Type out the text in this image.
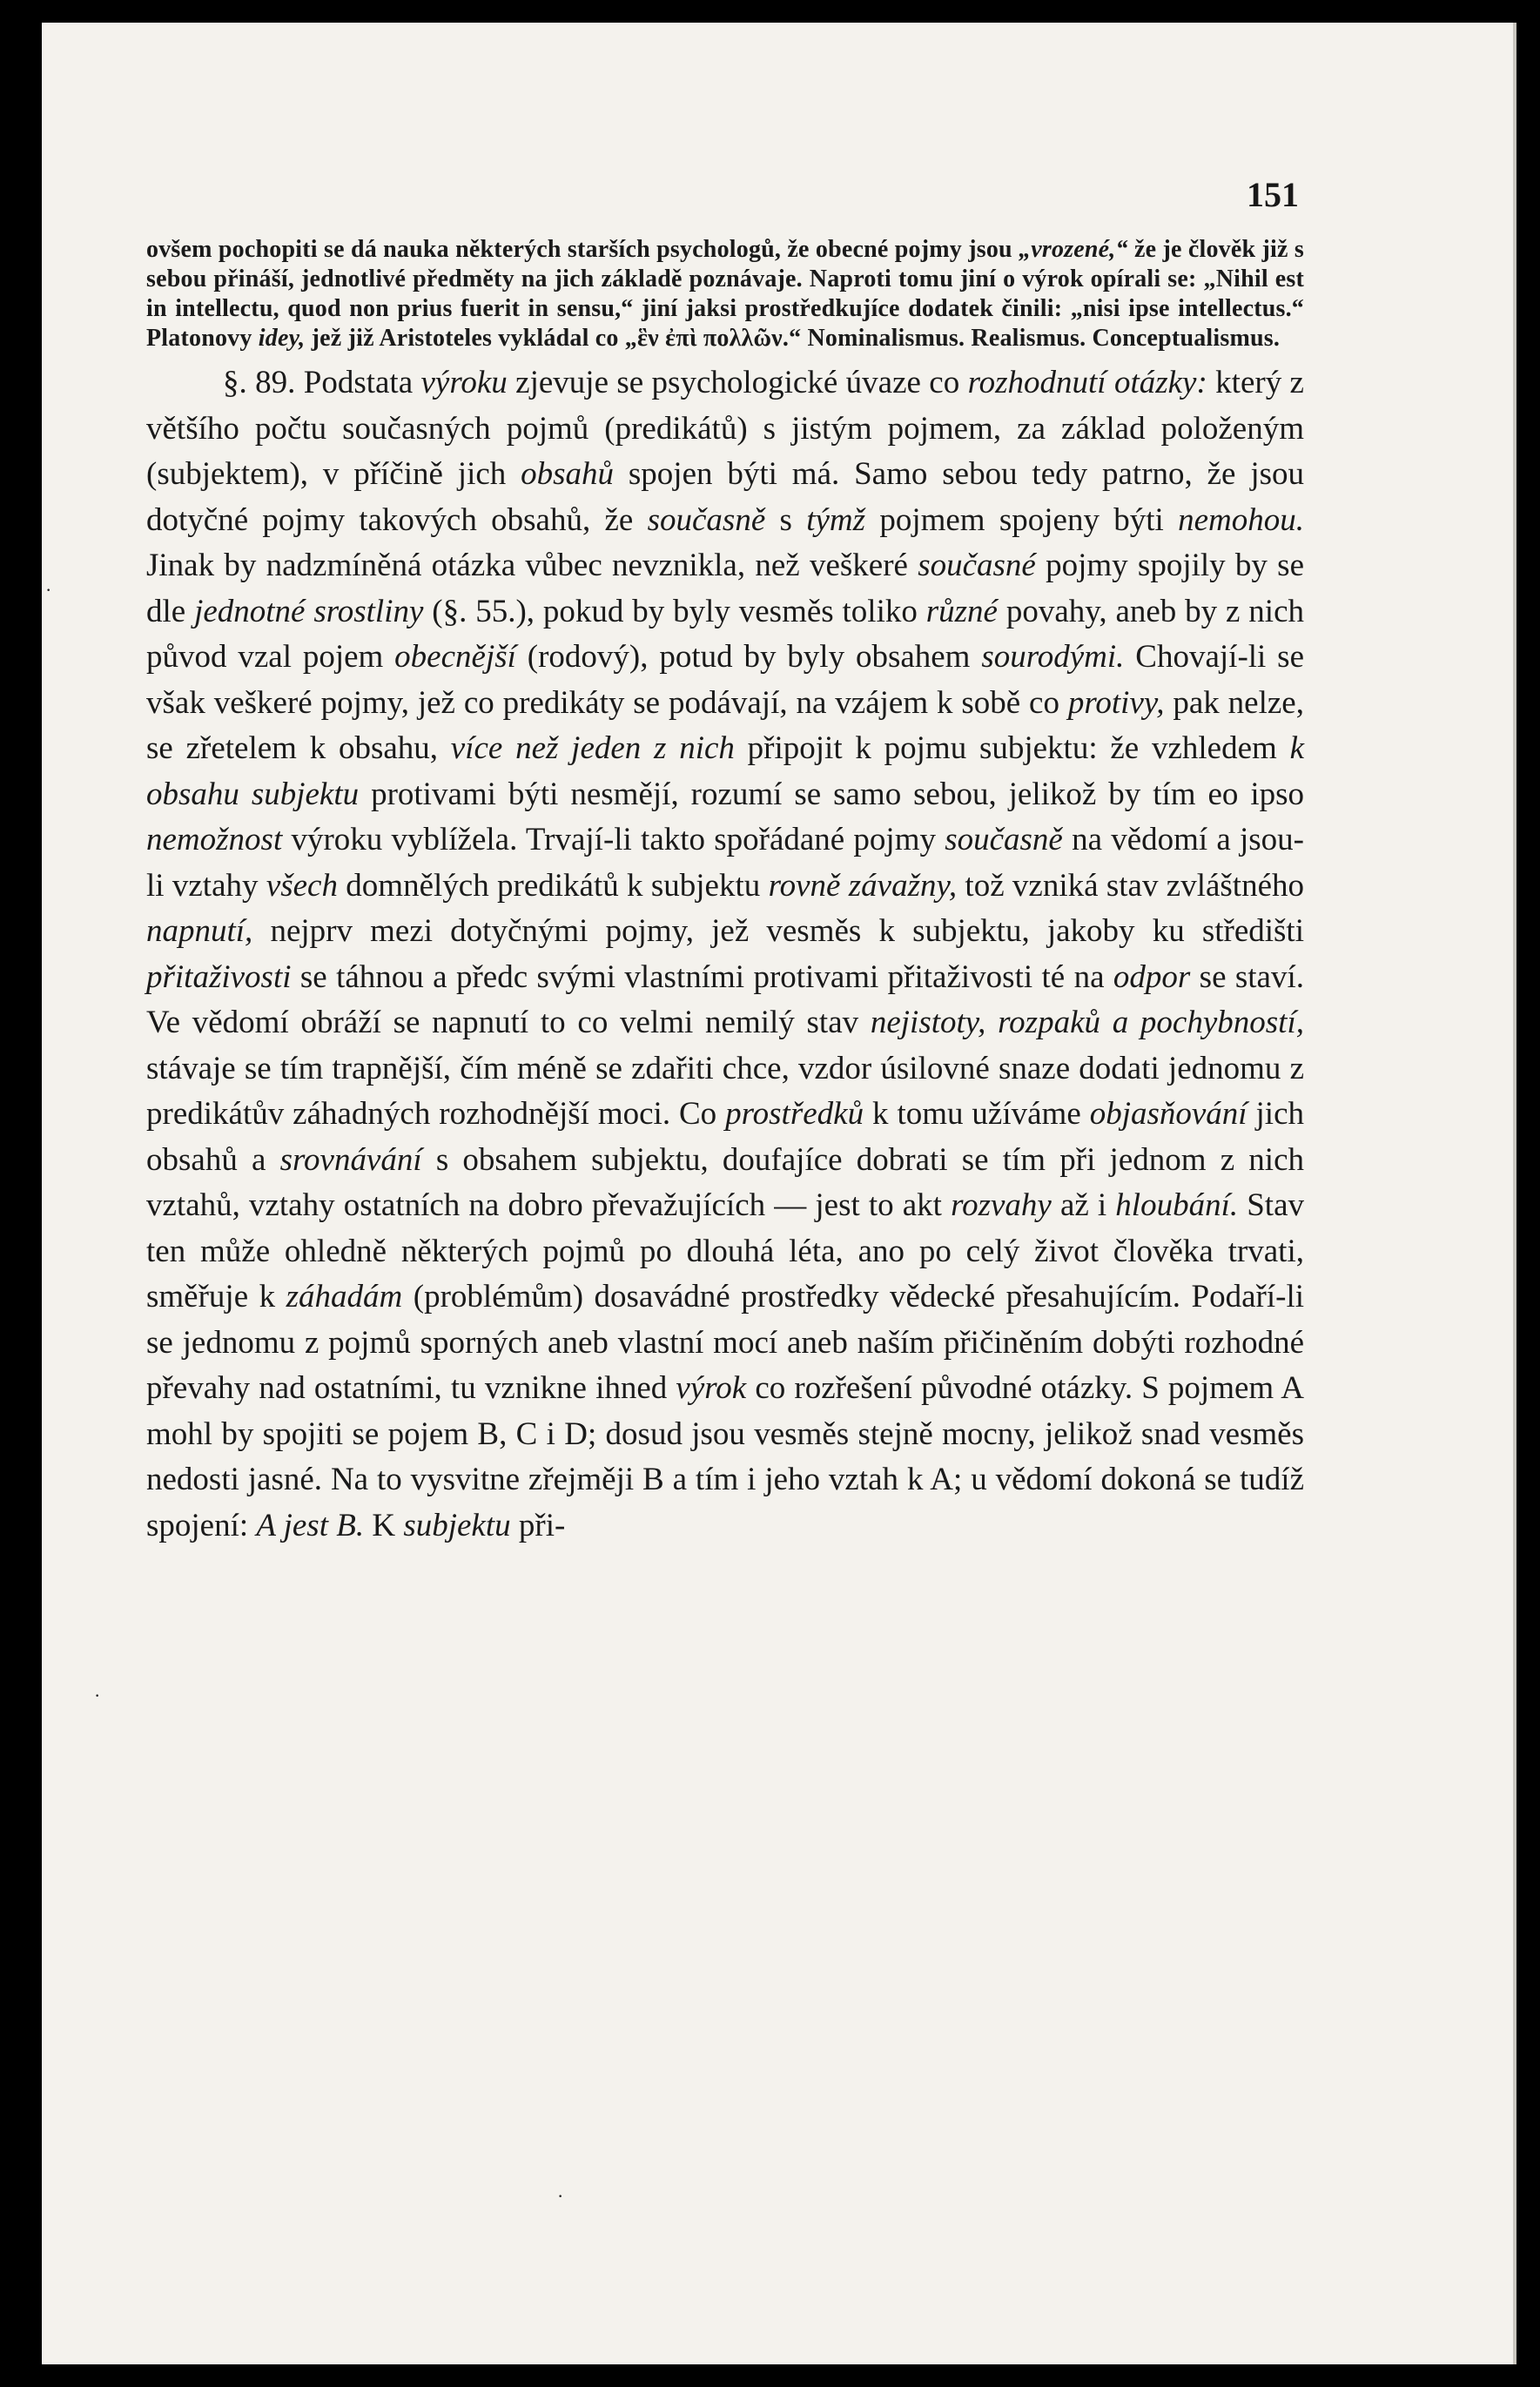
151

ovšem pochopiti se dá nauka některých starších psychologů, že obecné pojmy jsou „vrozené,“ že je člověk již s sebou přináší, jednotlivé předměty na jich základě poznávaje. Naproti tomu jiní o výrok opírali se: „Nihil est in intellectu, quod non prius fuerit in sensu,“ jiní jaksi prostředkujíce dodatek činili: „nisi ipse intellectus.“ Platonovy idey, jež již Aristoteles vykládal co „ἓν ἐπὶ πολλῶν.“ Nominalismus. Realismus. Conceptualismus.

§. 89. Podstata výroku zjevuje se psychologické úvaze co rozhodnutí otázky: který z většího počtu současných pojmů (predikátů) s jistým pojmem, za základ položeným (subjektem), v příčině jich obsahů spojen býti má. Samo sebou tedy patrno, že jsou dotyčné pojmy takových obsahů, že současně s týmž pojmem spojeny býti nemohou. Jinak by nadzmíněná otázka vůbec nevznikla, než veškeré současné pojmy spojily by se dle jednotné srostliny (§. 55.), pokud by byly vesměs toliko různé povahy, aneb by z nich původ vzal pojem obecnější (rodový), potud by byly obsahem sourodými. Chovají-li se však veškeré pojmy, jež co predikáty se podávají, na vzájem k sobě co protivy, pak nelze, se zřetelem k obsahu, více než jeden z nich připojit k pojmu subjektu: že vzhledem k obsahu subjektu protivami býti nesmějí, rozumí se samo sebou, jelikož by tím eo ipso nemožnost výroku vyblížela. Trvají-li takto spořádané pojmy současně na vědomí a jsou-li vztahy všech domnělých predikátů k subjektu rovně závažny, tož vzniká stav zvláštného napnutí, nejprv mezi dotyčnými pojmy, jež vesměs k subjektu, jakoby ku středišti přitaživosti se táhnou a předc svými vlastními protivami přitaživosti té na odpor se staví. Ve vědomí obráží se napnutí to co velmi nemilý stav nejistoty, rozpaků a pochybností, stávaje se tím trapnější, čím méně se zdařiti chce, vzdor úsilovné snaze dodati jednomu z predikátův záhadných rozhodnější moci. Co prostředků k tomu užíváme objasňování jich obsahů a srovnávání s obsahem subjektu, doufajíce dobrati se tím při jednom z nich vztahů, vztahy ostatních na dobro převažujících — jest to akt rozvahy až i hloubání. Stav ten může ohledně některých pojmů po dlouhá léta, ano po celý život člověka trvati, směřuje k záhadám (problémům) dosavádné prostředky vědecké přesahujícím. Podaří-li se jednomu z pojmů sporných aneb vlastní mocí aneb naším přičiněním dobýti rozhodné převahy nad ostatními, tu vznikne ihned výrok co rozřešení původné otázky. S pojmem A mohl by spojiti se pojem B, C i D; dosud jsou vesměs stejně mocny, jelikož snad vesměs nedosti jasné. Na to vysvitne zřejměji B a tím i jeho vztah k A; u vědomí dokoná se tudíž spojení: A jest B. K subjektu při-

·
·
·
